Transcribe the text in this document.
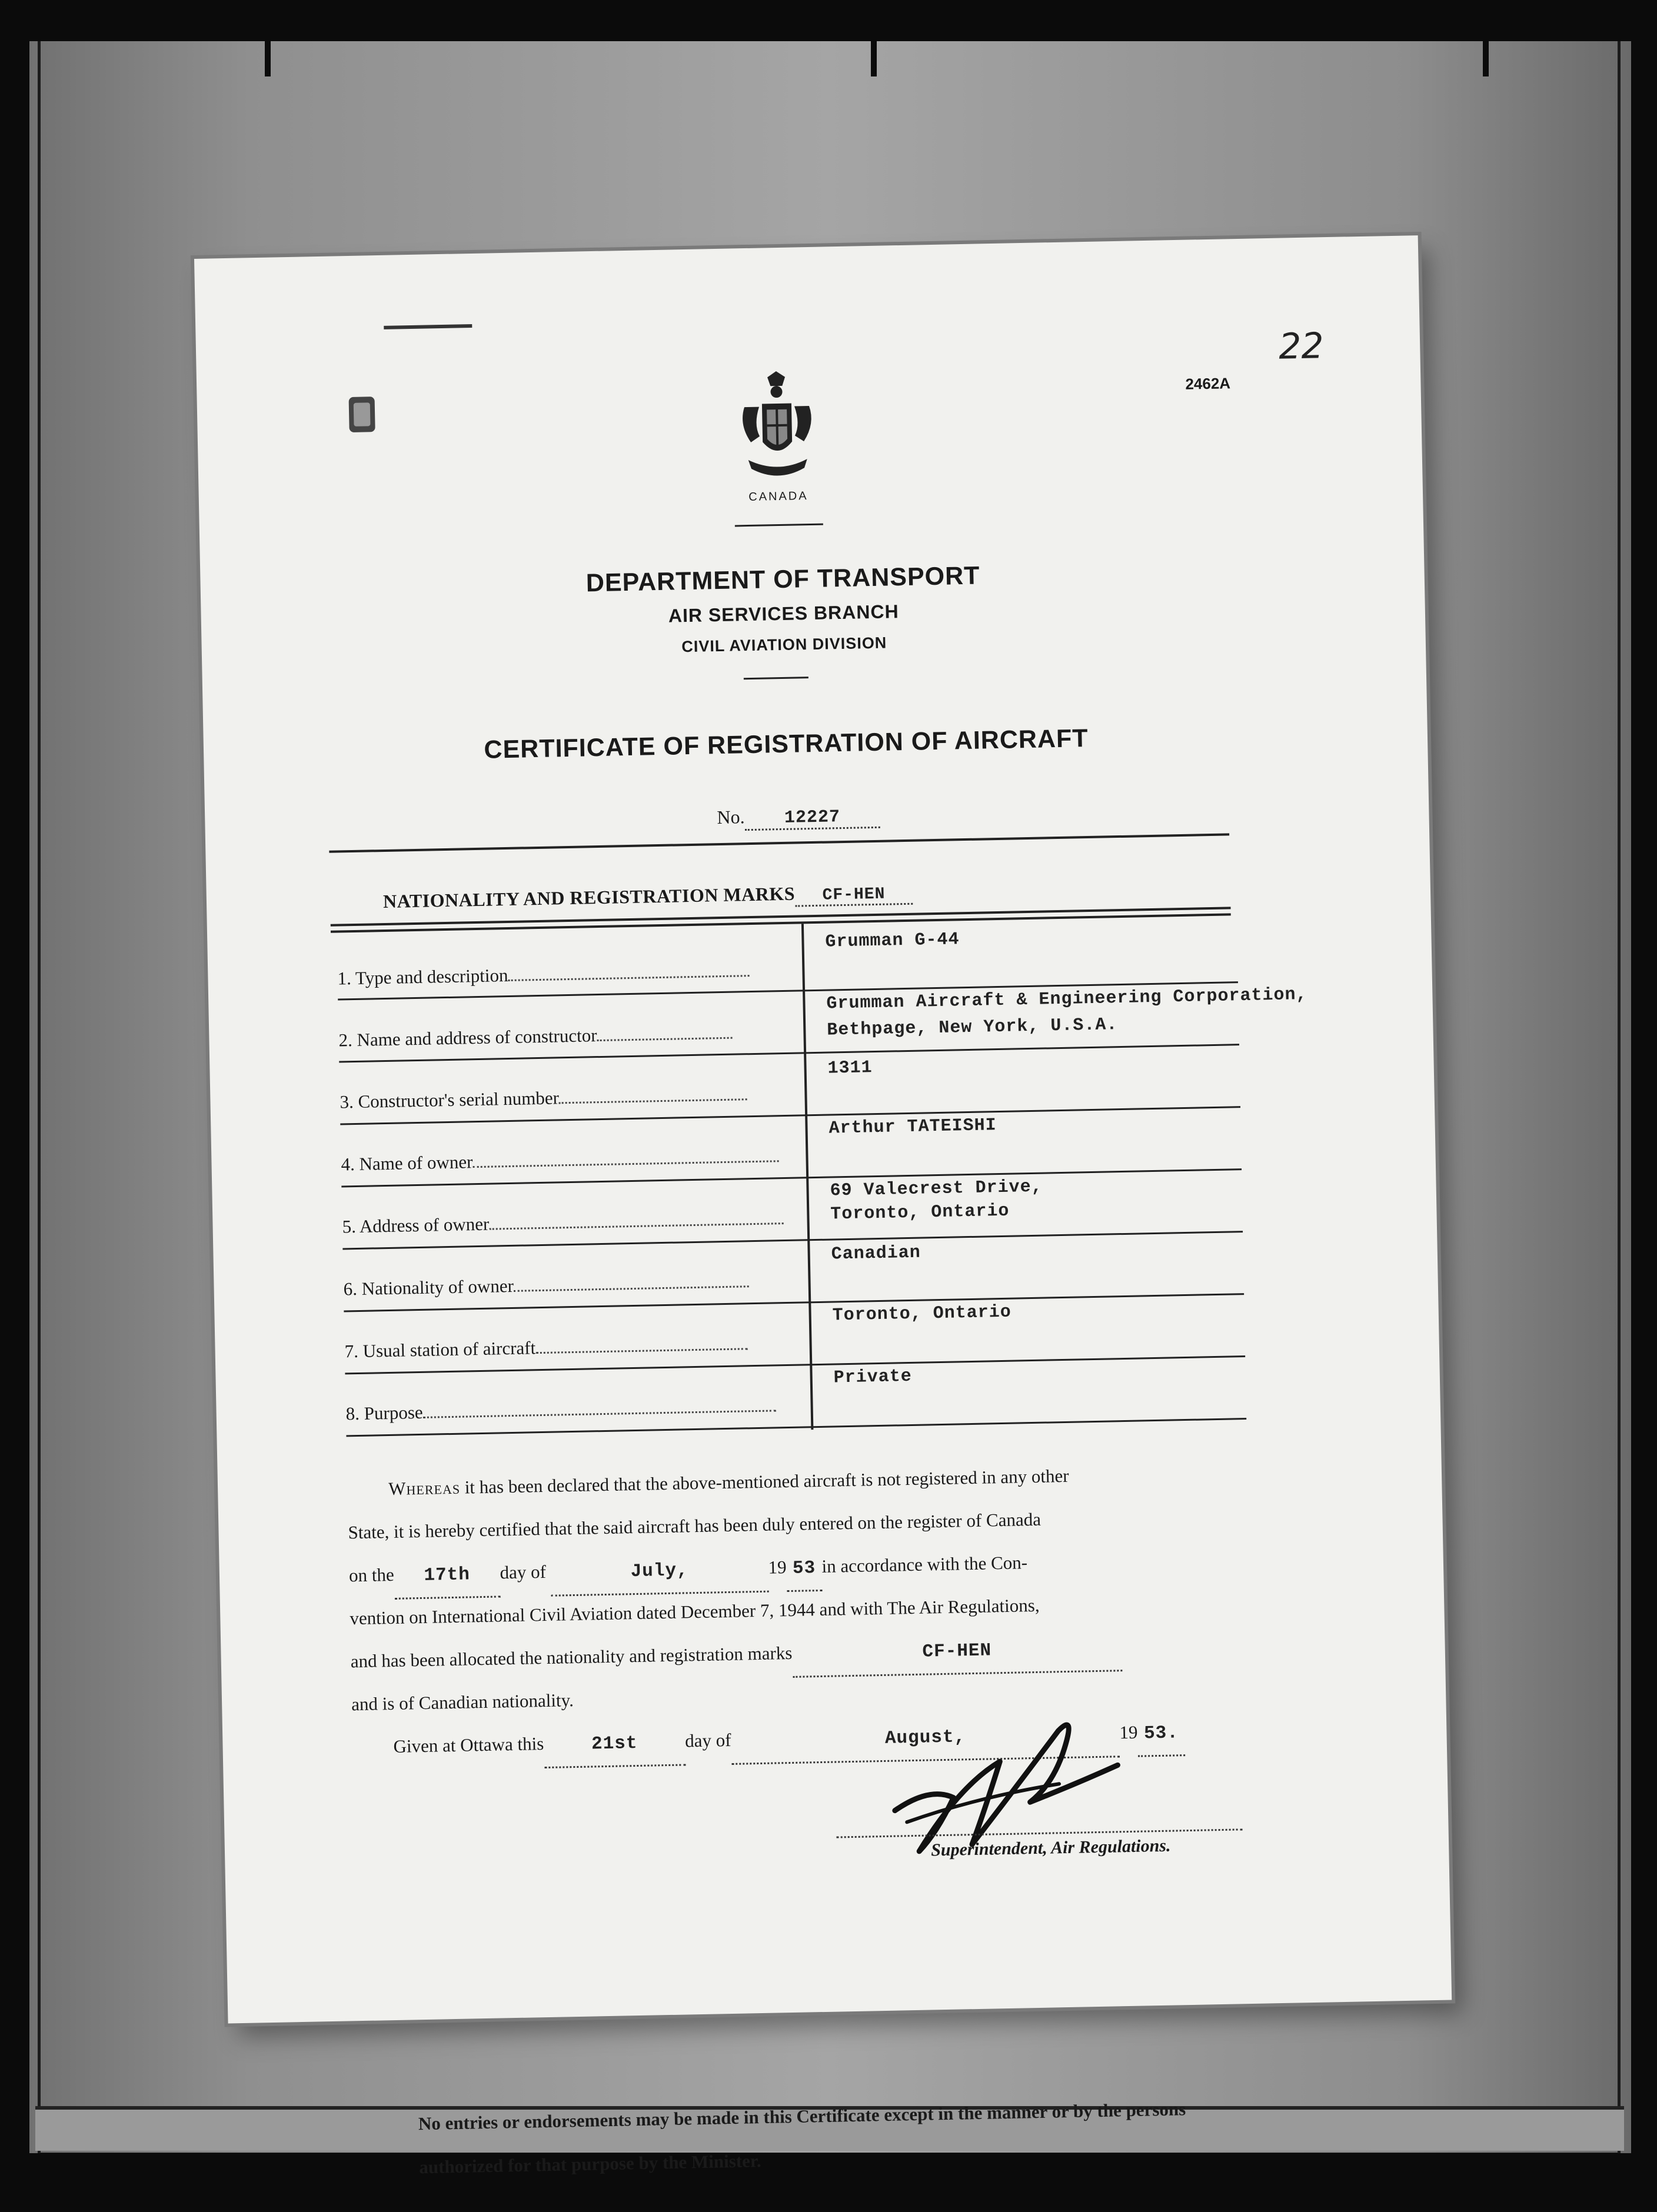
2462A
22
CANADA
DEPARTMENT OF TRANSPORT
AIR SERVICES BRANCH
CIVIL AVIATION DIVISION
CERTIFICATE OF REGISTRATION OF AIRCRAFT
No. 12227
NATIONALITY AND REGISTRATION MARKS CF-HEN
1. Type and description
Grumman G-44
2. Name and address of constructor
Grumman Aircraft & Engineering Corporation,
Bethpage, New York, U.S.A.
3. Constructor's serial number
1311
4. Name of owner
Arthur TATEISHI
5. Address of owner
69 Valecrest Drive,
Toronto, Ontario
6. Nationality of owner
Canadian
7. Usual station of aircraft
Toronto, Ontario
8. Purpose
Private
Whereas it has been declared that the above-mentioned aircraft is not registered in any other
State, it is hereby certified that the said aircraft has been duly entered on the register of Canada
on the 17th day of	July,	19 53 in accordance with the Con-
vention on International Civil Aviation dated December 7, 1944 and with The Air Regulations,
and has been allocated the nationality and registration marks	CF-HEN
and is of Canadian nationality.
Given at Ottawa this	21st	day of	August,	19 53.
Superintendent, Air Regulations.
No entries or endorsements may be made in this Certificate except in the manner or by the persons
authorized for that purpose by the Minister.
